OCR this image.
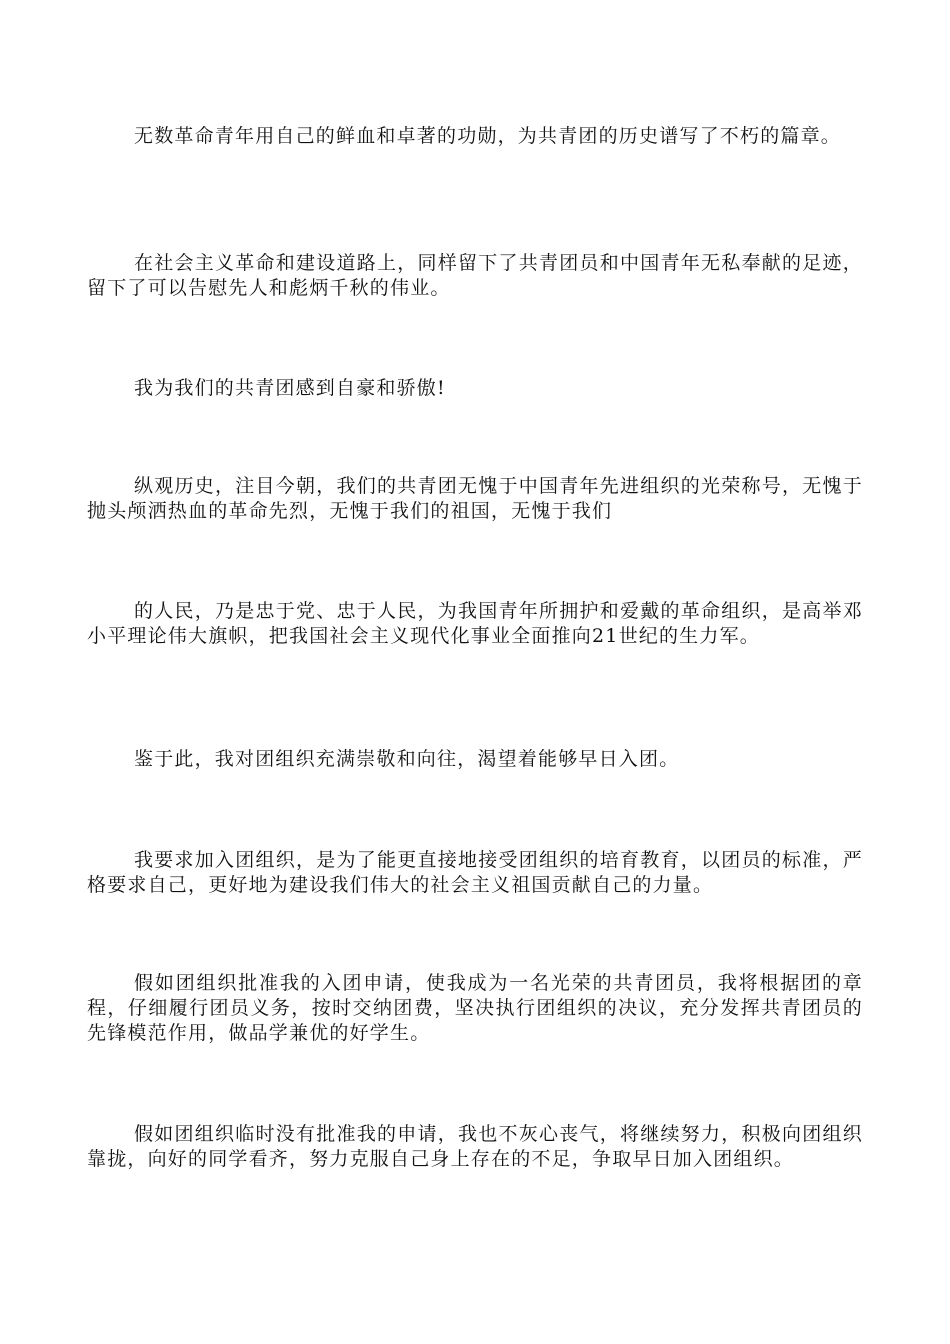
无数革命青年用自己的鲜血和卓著的功勋，为共青团的历史谱写了不朽的篇章。

在社会主义革命和建设道路上，同样留下了共青团员和中国青年无私奉献的足迹，留下了可以告慰先人和彪炳千秋的伟业。

我为我们的共青团感到自豪和骄傲!

纵观历史，注目今朝，我们的共青团无愧于中国青年先进组织的光荣称号，无愧于抛头颅洒热血的革命先烈，无愧于我们的祖国，无愧于我们

的人民，乃是忠于党、忠于人民，为我国青年所拥护和爱戴的革命组织，是高举邓小平理论伟大旗帜，把我国社会主义现代化事业全面推向21世纪的生力军。

鉴于此，我对团组织充满崇敬和向往，渴望着能够早日入团。

我要求加入团组织，是为了能更直接地接受团组织的培育教育，以团员的标准，严格要求自己，更好地为建设我们伟大的社会主义祖国贡献自己的力量。

假如团组织批准我的入团申请，使我成为一名光荣的共青团员，我将根据团的章程，仔细履行团员义务，按时交纳团费，坚决执行团组织的决议，充分发挥共青团员的先锋模范作用，做品学兼优的好学生。

假如团组织临时没有批准我的申请，我也不灰心丧气，将继续努力，积极向团组织靠拢，向好的同学看齐，努力克服自己身上存在的不足，争取早日加入团组织。
